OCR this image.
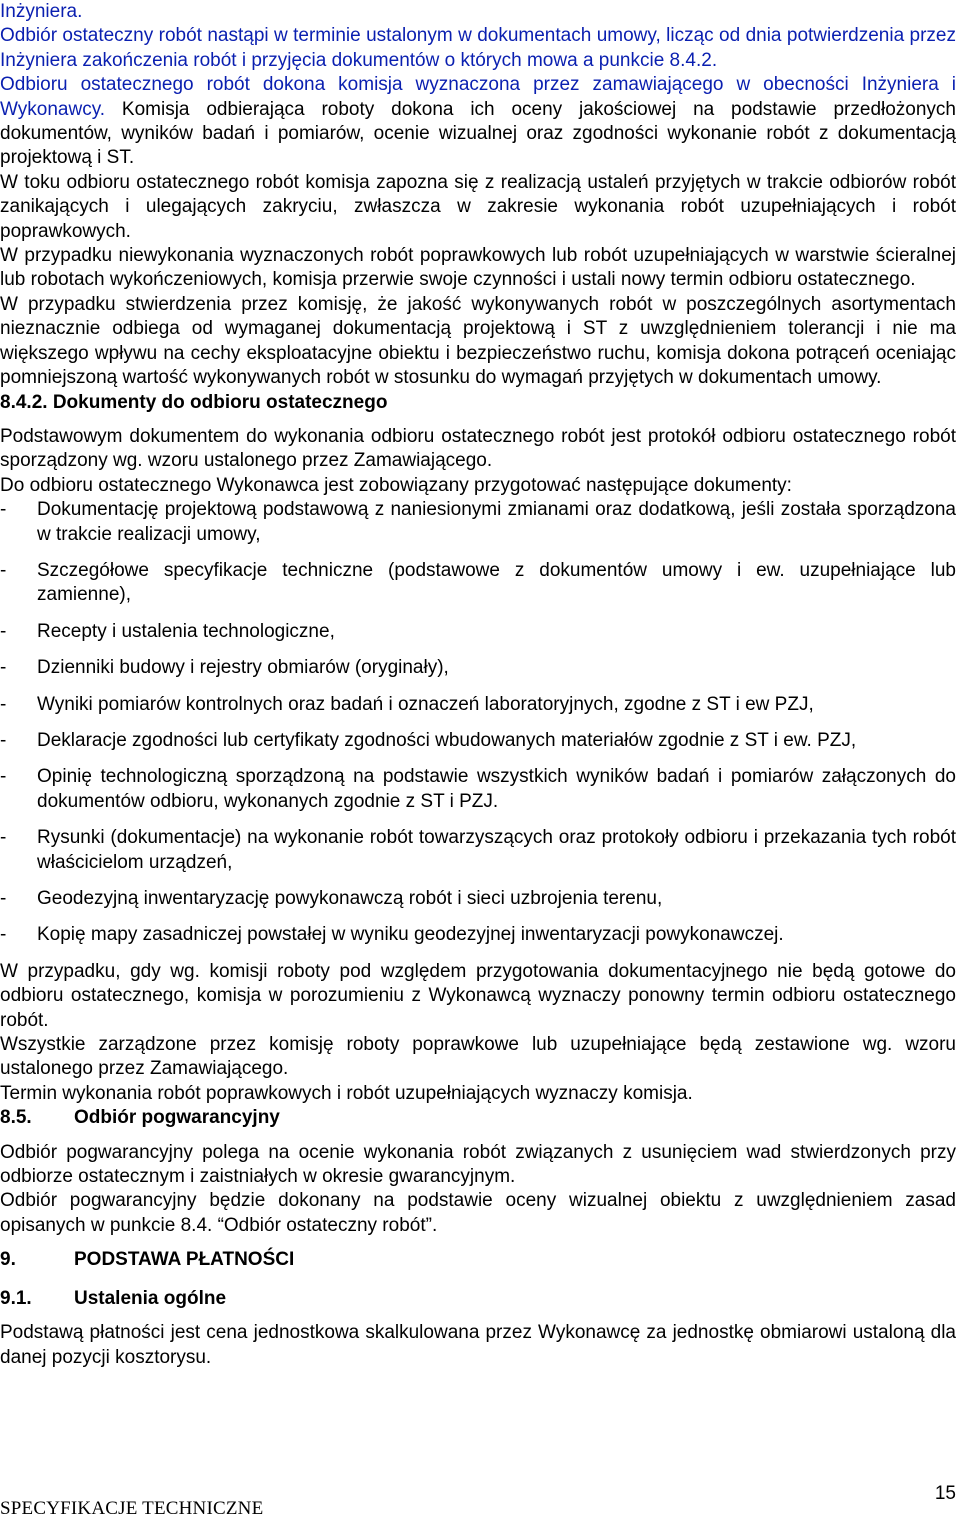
Inżyniera.

Odbiór ostateczny robót nastąpi w terminie ustalonym w dokumentach umowy, licząc od dnia potwierdzenia przez Inżyniera zakończenia robót i przyjęcia dokumentów o których mowa a punkcie 8.4.2.

Odbioru ostatecznego robót dokona komisja wyznaczona przez zamawiającego w obecności Inżyniera i Wykonawcy. Komisja odbierająca roboty dokona ich oceny jakościowej na podstawie przedłożonych dokumentów, wyników badań i pomiarów, ocenie wizualnej oraz zgodności wykonanie robót z dokumentacją projektową i ST.

W toku odbioru ostatecznego robót komisja zapozna się z realizacją ustaleń przyjętych w trakcie odbiorów robót zanikających i ulegających zakryciu, zwłaszcza w zakresie wykonania robót uzupełniających i robót poprawkowych.

W przypadku niewykonania wyznaczonych robót poprawkowych lub robót uzupełniających w warstwie ścieralnej lub robotach wykończeniowych, komisja przerwie swoje czynności i ustali nowy termin odbioru ostatecznego.

W przypadku stwierdzenia przez komisję, że jakość wykonywanych robót w poszczególnych asortymentach nieznacznie odbiega od wymaganej dokumentacją projektową i ST z uwzględnieniem tolerancji i nie ma większego wpływu na cechy eksploatacyjne obiektu i bezpieczeństwo ruchu, komisja dokona potrąceń oceniając pomniejszoną wartość wykonywanych robót w stosunku do wymagań przyjętych w dokumentach umowy.

8.4.2. Dokumenty do odbioru ostatecznego

Podstawowym dokumentem do wykonania odbioru ostatecznego robót jest protokół odbioru ostatecznego robót sporządzony wg. wzoru ustalonego przez Zamawiającego.

Do odbioru ostatecznego Wykonawca jest zobowiązany przygotować następujące dokumenty:

- Dokumentację projektową podstawową z naniesionymi zmianami oraz dodatkową, jeśli została sporządzona w trakcie realizacji umowy,
- Szczegółowe specyfikacje techniczne (podstawowe z dokumentów umowy i ew. uzupełniające lub zamienne),
- Recepty i ustalenia technologiczne,
- Dzienniki budowy i rejestry obmiarów (oryginały),
- Wyniki pomiarów kontrolnych oraz badań i oznaczeń laboratoryjnych, zgodne z ST i ew PZJ,
- Deklaracje zgodności lub certyfikaty zgodności wbudowanych materiałów zgodnie z ST i ew. PZJ,
- Opinię technologiczną sporządzoną na podstawie wszystkich wyników badań i pomiarów załączonych do dokumentów odbioru, wykonanych zgodnie z ST i PZJ.
- Rysunki (dokumentacje) na wykonanie robót towarzyszących oraz protokoły odbioru i przekazania tych robót właścicielom urządzeń,
- Geodezyjną inwentaryzację powykonawczą robót i sieci uzbrojenia terenu,
- Kopię mapy zasadniczej powstałej w wyniku geodezyjnej inwentaryzacji powykonawczej.

W przypadku, gdy wg. komisji roboty pod względem przygotowania dokumentacyjnego nie będą gotowe do odbioru ostatecznego, komisja w porozumieniu z Wykonawcą wyznaczy ponowny termin odbioru ostatecznego robót.

Wszystkie zarządzone przez komisję roboty poprawkowe lub uzupełniające będą zestawione wg. wzoru ustalonego przez Zamawiającego.

Termin wykonania robót poprawkowych i robót uzupełniających wyznaczy komisja.

8.5. Odbiór pogwarancyjny

Odbiór pogwarancyjny polega na ocenie wykonania robót związanych z usunięciem wad stwierdzonych przy odbiorze ostatecznym i zaistniałych w okresie gwarancyjnym.

Odbiór pogwarancyjny będzie dokonany na podstawie oceny wizualnej obiektu z uwzględnieniem zasad opisanych w punkcie 8.4. “Odbiór ostateczny robót”.

9.	PODSTAWA PŁATNOŚCI

9.1. Ustalenia ogólne

Podstawą płatności jest cena jednostkowa skalkulowana przez Wykonawcę za jednostkę obmiarowi ustaloną dla danej pozycji kosztorysu.

SPECYFIKACJE TECHNICZNE
15
